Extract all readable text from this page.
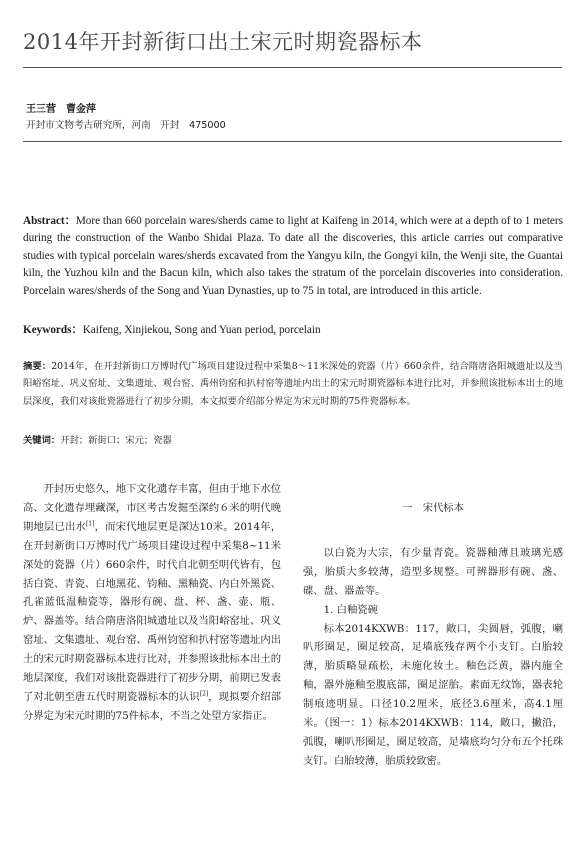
2014年开封新街口出土宋元时期瓷器标本
王三营　曹金萍
开封市文物考古研究所，河南　开封　475000
Abstract：More than 660 porcelain wares/sherds came to light at Kaifeng in 2014, which were at a depth of to 1 meters during the construction of the Wanbo Shidai Plaza. To date all the discoveries, this article carries out comparative studies with typical porcelain wares/sherds excavated from the Yangyu kiln, the Gongyi kiln, the Wenji site, the Guantai kiln, the Yuzhou kiln and the Bacun kiln, which also takes the stratum of the porcelain discoveries into consideration. Porcelain wares/sherds of the Song and Yuan Dynasties, up to 75 in total, are introduced in this article.
Keywords：Kaifeng, Xinjiekou, Song and Yuan period, porcelain
摘要：2014年，在开封新街口万博时代广场项目建设过程中采集8～11米深处的瓷器（片）660余件，结合隋唐洛阳城遗址以及当阳峪窑址、巩义窑址、文集遗址、观台窑、禹州钧窑和扒村窑等遗址内出土的宋元时期瓷器标本进行比对，并参照该批标本出土的地层深度，我们对该批瓷器进行了初步分期，本文拟要介绍部分界定为宋元时期的75件瓷器标本。
关键词：开封；新街口；宋元；瓷器

开封历史悠久，地下文化遗存丰富，但由于地下水位高、文化遗存埋藏深，市区考古发掘至深约６米的明代晚期地层已出水[1]，而宋代地层更是深达10米。2014年，在开封新街口万博时代广场项目建设过程中采集8~11米深处的瓷器（片）660余件，时代自北朝至明代皆有，包括白瓷、青瓷、白地黑花、钧釉、黑釉瓷、内白外黑瓷、孔雀蓝低温釉瓷等，器形有碗、盘、杯、盏、壶、瓶、炉、器盖等。结合隋唐洛阳城遗址以及当阳峪窑址、巩义窑址、文集遗址、观台窑、禹州钧窑和扒村窑等遗址内出土的宋元时期瓷器标本进行比对，并参照该批标本出土的地层深度，我们对该批瓷器进行了初步分期，前期已发表了对北朝至唐五代时期瓷器标本的认识[2]，现拟要介绍部分界定为宋元时期的75件标本，不当之处望方家指正。

一　宋代标本

以白瓷为大宗，有少量青瓷。瓷器釉薄且玻璃光感强，胎质大多较薄，造型多规整。可辨器形有碗、盏、碟、盘、器盖等。

1. 白釉瓷碗

标本2014KXWB：117，敞口，尖圆唇，弧腹，喇叭形圈足，圈足较高，足墙底残存两个小支钉。白胎较薄，胎质略显疏松，未施化妆土。釉色泛黄，器内施全釉，器外施釉至腹底部，圈足涩胎。素面无纹饰，器表轮制痕迹明显。口径10.2厘米，底径3.6厘米，高4.1厘米。（图一：1）标本2014KXWB：114，敞口，撇沿，弧腹，喇叭形圈足，圈足较高，足墙底均匀分布五个托珠支钉。白胎较薄，胎质较致密。
